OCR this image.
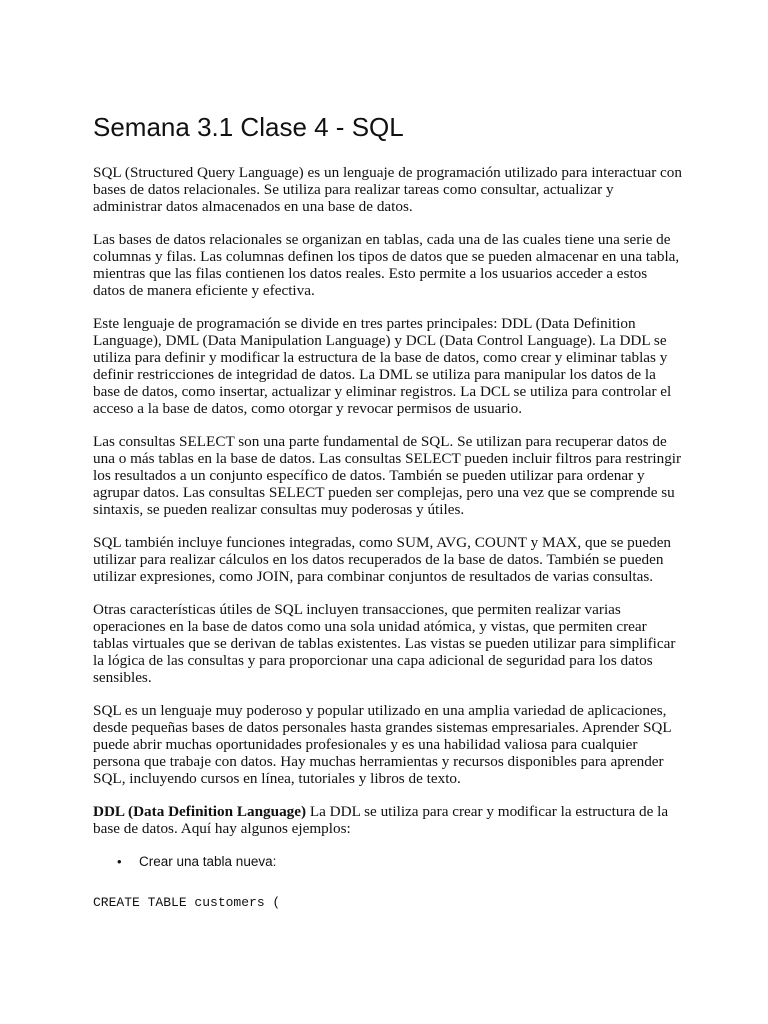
Semana 3.1 Clase 4 - SQL

SQL (Structured Query Language) es un lenguaje de programación utilizado para interactuar con bases de datos relacionales. Se utiliza para realizar tareas como consultar, actualizar y administrar datos almacenados en una base de datos.

Las bases de datos relacionales se organizan en tablas, cada una de las cuales tiene una serie de columnas y filas. Las columnas definen los tipos de datos que se pueden almacenar en una tabla, mientras que las filas contienen los datos reales. Esto permite a los usuarios acceder a estos datos de manera eficiente y efectiva.

Este lenguaje de programación se divide en tres partes principales: DDL (Data Definition Language), DML (Data Manipulation Language) y DCL (Data Control Language). La DDL se utiliza para definir y modificar la estructura de la base de datos, como crear y eliminar tablas y definir restricciones de integridad de datos. La DML se utiliza para manipular los datos de la base de datos, como insertar, actualizar y eliminar registros. La DCL se utiliza para controlar el acceso a la base de datos, como otorgar y revocar permisos de usuario.

Las consultas SELECT son una parte fundamental de SQL. Se utilizan para recuperar datos de una o más tablas en la base de datos. Las consultas SELECT pueden incluir filtros para restringir los resultados a un conjunto específico de datos. También se pueden utilizar para ordenar y agrupar datos. Las consultas SELECT pueden ser complejas, pero una vez que se comprende su sintaxis, se pueden realizar consultas muy poderosas y útiles.

SQL también incluye funciones integradas, como SUM, AVG, COUNT y MAX, que se pueden utilizar para realizar cálculos en los datos recuperados de la base de datos. También se pueden utilizar expresiones, como JOIN, para combinar conjuntos de resultados de varias consultas.

Otras características útiles de SQL incluyen transacciones, que permiten realizar varias operaciones en la base de datos como una sola unidad atómica, y vistas, que permiten crear tablas virtuales que se derivan de tablas existentes. Las vistas se pueden utilizar para simplificar la lógica de las consultas y para proporcionar una capa adicional de seguridad para los datos sensibles.

SQL es un lenguaje muy poderoso y popular utilizado en una amplia variedad de aplicaciones, desde pequeñas bases de datos personales hasta grandes sistemas empresariales. Aprender SQL puede abrir muchas oportunidades profesionales y es una habilidad valiosa para cualquier persona que trabaje con datos. Hay muchas herramientas y recursos disponibles para aprender SQL, incluyendo cursos en línea, tutoriales y libros de texto.

DDL (Data Definition Language) La DDL se utiliza para crear y modificar la estructura de la base de datos. Aquí hay algunos ejemplos:

• Crear una tabla nueva:
CREATE TABLE customers (
